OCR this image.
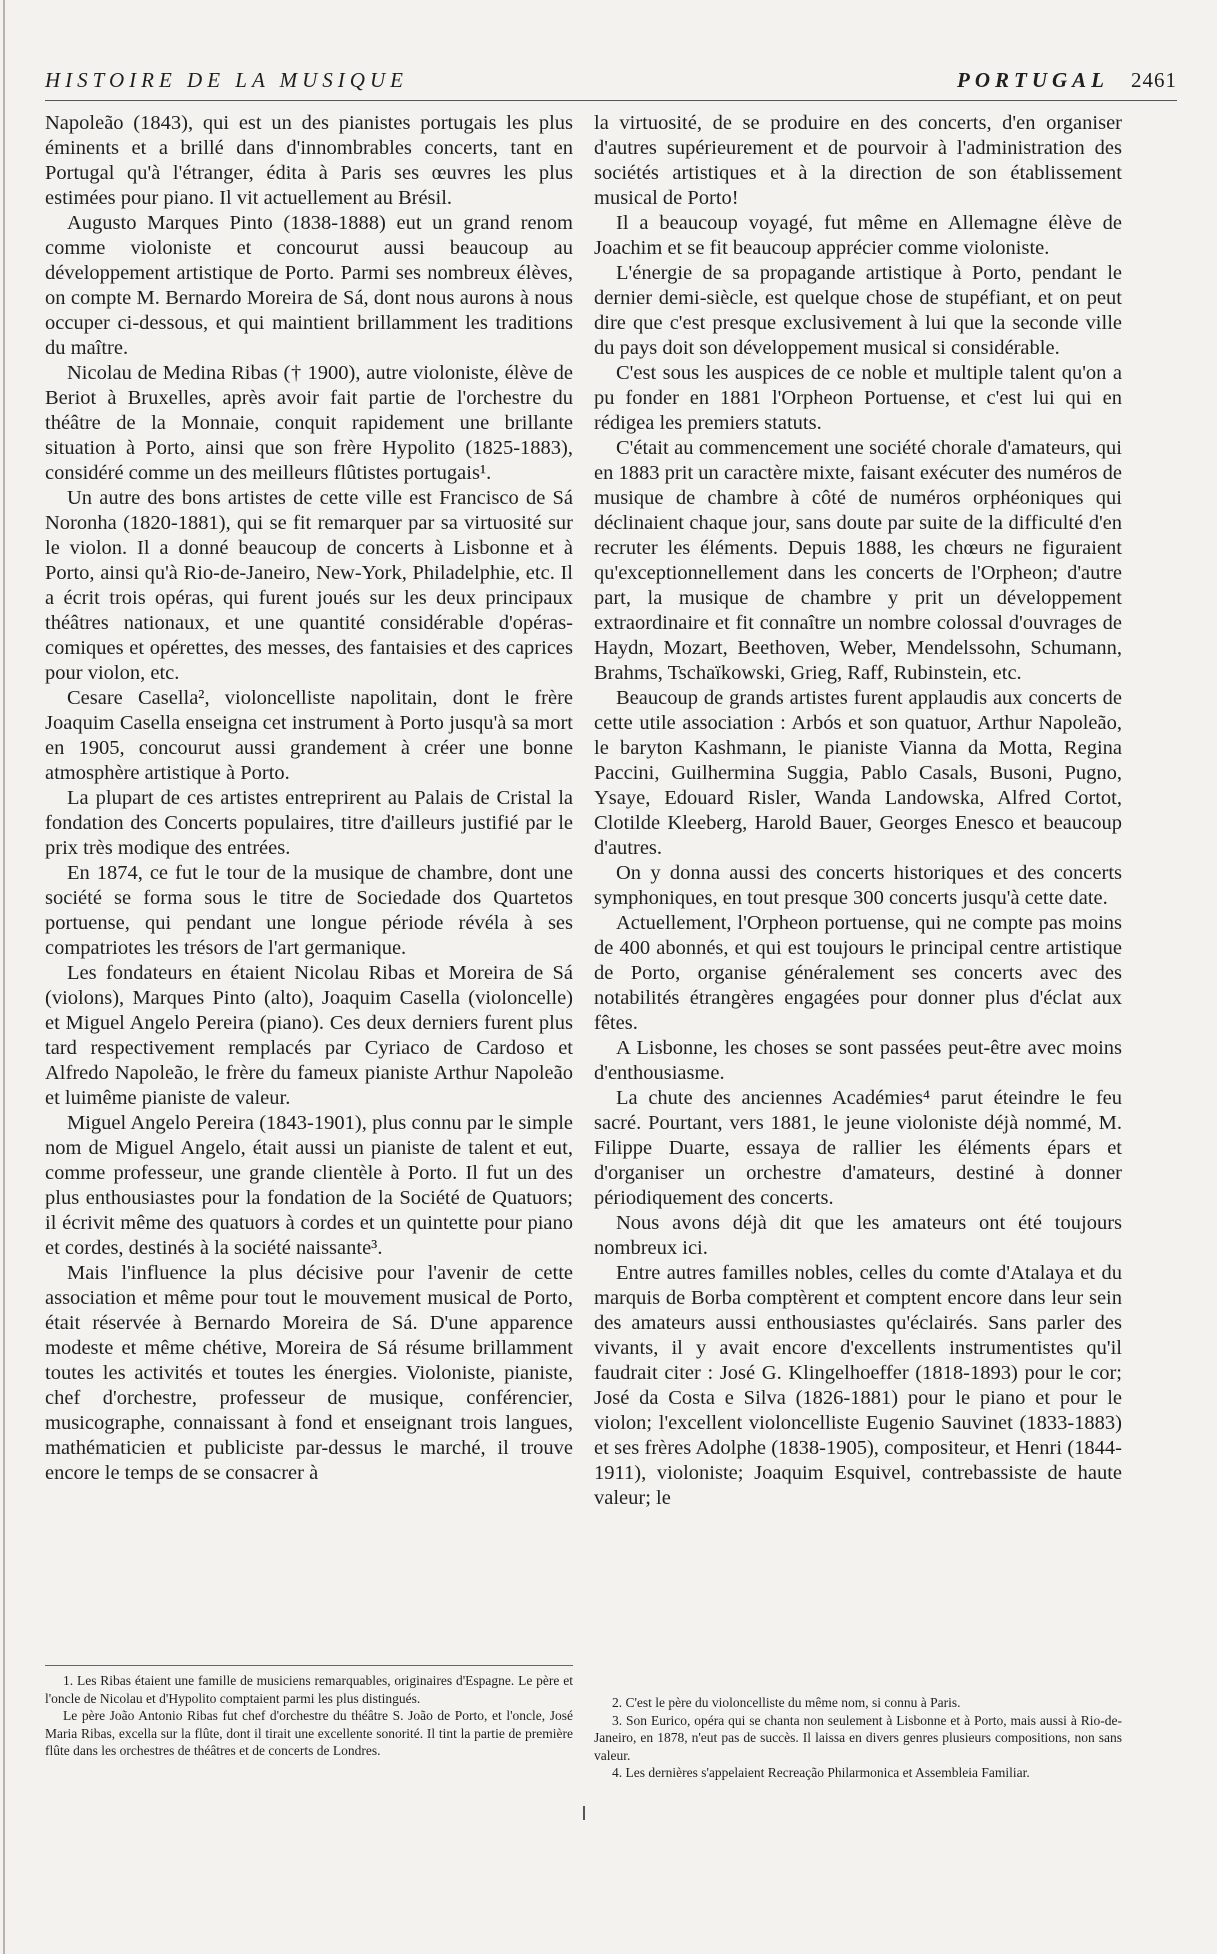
HISTOIRE DE LA MUSIQUE	PORTUGAL 2461

Napoleão (1843), qui est un des pianistes portugais les plus éminents et a brillé dans d'innombrables concerts, tant en Portugal qu'à l'étranger, édita à Paris ses œuvres les plus estimées pour piano. Il vit actuellement au Brésil.

Augusto Marques Pinto (1838-1888) eut un grand renom comme violoniste et concourut aussi beaucoup au développement artistique de Porto. Parmi ses nombreux élèves, on compte M. Bernardo Moreira de Sá, dont nous aurons à nous occuper ci-dessous, et qui maintient brillamment les traditions du maître.

Nicolau de Medina Ribas († 1900), autre violoniste, élève de Beriot à Bruxelles, après avoir fait partie de l'orchestre du théâtre de la Monnaie, conquit rapidement une brillante situation à Porto, ainsi que son frère Hypolito (1825-1883), considéré comme un des meilleurs flûtistes portugais¹.

Un autre des bons artistes de cette ville est Francisco de Sá Noronha (1820-1881), qui se fit remarquer par sa virtuosité sur le violon. Il a donné beaucoup de concerts à Lisbonne et à Porto, ainsi qu'à Rio-de-Janeiro, New-York, Philadelphie, etc. Il a écrit trois opéras, qui furent joués sur les deux principaux théâtres nationaux, et une quantité considérable d'opéras-comiques et opérettes, des messes, des fantaisies et des caprices pour violon, etc.

Cesare Casella², violoncelliste napolitain, dont le frère Joaquim Casella enseigna cet instrument à Porto jusqu'à sa mort en 1905, concourut aussi grandement à créer une bonne atmosphère artistique à Porto.

La plupart de ces artistes entreprirent au Palais de Cristal la fondation des Concerts populaires, titre d'ailleurs justifié par le prix très modique des entrées.

En 1874, ce fut le tour de la musique de chambre, dont une société se forma sous le titre de Sociedade dos Quartetos portuense, qui pendant une longue période révéla à ses compatriotes les trésors de l'art germanique.

Les fondateurs en étaient Nicolau Ribas et Moreira de Sá (violons), Marques Pinto (alto), Joaquim Casella (violoncelle) et Miguel Angelo Pereira (piano). Ces deux derniers furent plus tard respectivement remplacés par Cyriaco de Cardoso et Alfredo Napoleão, le frère du fameux pianiste Arthur Napoleão et luimême pianiste de valeur.

Miguel Angelo Pereira (1843-1901), plus connu par le simple nom de Miguel Angelo, était aussi un pianiste de talent et eut, comme professeur, une grande clientèle à Porto. Il fut un des plus enthousiastes pour la fondation de la Société de Quatuors; il écrivit même des quatuors à cordes et un quintette pour piano et cordes, destinés à la société naissante³.

Mais l'influence la plus décisive pour l'avenir de cette association et même pour tout le mouvement musical de Porto, était réservée à Bernardo Moreira de Sá. D'une apparence modeste et même chétive, Moreira de Sá résume brillamment toutes les activités et toutes les énergies. Violoniste, pianiste, chef d'orchestre, professeur de musique, conférencier, musicographe, connaissant à fond et enseignant trois langues, mathématicien et publiciste par-dessus le marché, il trouve encore le temps de se consacrer à

la virtuosité, de se produire en des concerts, d'en organiser d'autres supérieurement et de pourvoir à l'administration des sociétés artistiques et à la direction de son établissement musical de Porto!

Il a beaucoup voyagé, fut même en Allemagne élève de Joachim et se fit beaucoup apprécier comme violoniste.

L'énergie de sa propagande artistique à Porto, pendant le dernier demi-siècle, est quelque chose de stupéfiant, et on peut dire que c'est presque exclusivement à lui que la seconde ville du pays doit son développement musical si considérable.

C'est sous les auspices de ce noble et multiple talent qu'on a pu fonder en 1881 l'Orpheon Portuense, et c'est lui qui en rédigea les premiers statuts.

C'était au commencement une société chorale d'amateurs, qui en 1883 prit un caractère mixte, faisant exécuter des numéros de musique de chambre à côté de numéros orphéoniques qui déclinaient chaque jour, sans doute par suite de la difficulté d'en recruter les éléments. Depuis 1888, les chœurs ne figuraient qu'exceptionnellement dans les concerts de l'Orpheon; d'autre part, la musique de chambre y prit un développement extraordinaire et fit connaître un nombre colossal d'ouvrages de Haydn, Mozart, Beethoven, Weber, Mendelssohn, Schumann, Brahms, Tschaïkowski, Grieg, Raff, Rubinstein, etc.

Beaucoup de grands artistes furent applaudis aux concerts de cette utile association : Arbós et son quatuor, Arthur Napoleão, le baryton Kashmann, le pianiste Vianna da Motta, Regina Paccini, Guilhermina Suggia, Pablo Casals, Busoni, Pugno, Ysaye, Edouard Risler, Wanda Landowska, Alfred Cortot, Clotilde Kleeberg, Harold Bauer, Georges Enesco et beaucoup d'autres.

On y donna aussi des concerts historiques et des concerts symphoniques, en tout presque 300 concerts jusqu'à cette date.

Actuellement, l'Orpheon portuense, qui ne compte pas moins de 400 abonnés, et qui est toujours le principal centre artistique de Porto, organise généralement ses concerts avec des notabilités étrangères engagées pour donner plus d'éclat aux fêtes.

A Lisbonne, les choses se sont passées peut-être avec moins d'enthousiasme.

La chute des anciennes Académies⁴ parut éteindre le feu sacré. Pourtant, vers 1881, le jeune violoniste déjà nommé, M. Filippe Duarte, essaya de rallier les éléments épars et d'organiser un orchestre d'amateurs, destiné à donner périodiquement des concerts.

Nous avons déjà dit que les amateurs ont été toujours nombreux ici.

Entre autres familles nobles, celles du comte d'Atalaya et du marquis de Borba comptèrent et comptent encore dans leur sein des amateurs aussi enthousiastes qu'éclairés. Sans parler des vivants, il y avait encore d'excellents instrumentistes qu'il faudrait citer : José G. Klingelhoeffer (1818-1893) pour le cor; José da Costa e Silva (1826-1881) pour le piano et pour le violon; l'excellent violoncelliste Eugenio Sauvinet (1833-1883) et ses frères Adolphe (1838-1905), compositeur, et Henri (1844-1911), violoniste; Joaquim Esquivel, contrebassiste de haute valeur; le

1. Les Ribas étaient une famille de musiciens remarquables, originaires d'Espagne. Le père et l'oncle de Nicolau et d'Hypolito comptaient parmi les plus distingués.

Le père João Antonio Ribas fut chef d'orchestre du théâtre S. João de Porto, et l'oncle, José Maria Ribas, excella sur la flûte, dont il tirait une excellente sonorité. Il tint la partie de première flûte dans les orchestres de théâtres et de concerts de Londres.

2. C'est le père du violoncelliste du même nom, si connu à Paris.

3. Son Eurico, opéra qui se chanta non seulement à Lisbonne et à Porto, mais aussi à Rio-de-Janeiro, en 1878, n'eut pas de succès. Il laissa en divers genres plusieurs compositions, non sans valeur.

4. Les dernières s'appelaient Recreação Philarmonica et Assembleia Familiar.
